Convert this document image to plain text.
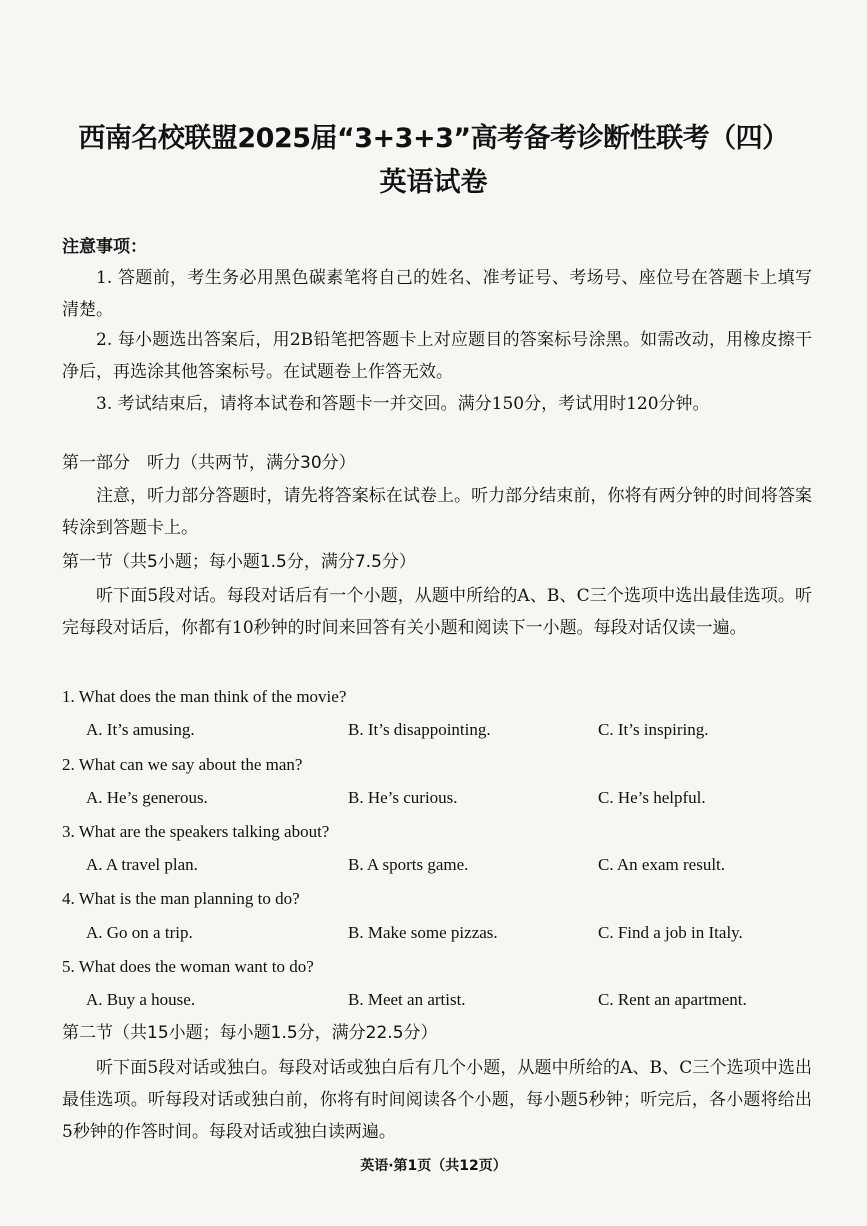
西南名校联盟2025届“3+3+3”高考备考诊断性联考（四）
英语试卷
注意事项：
1. 答题前，考生务必用黑色碳素笔将自己的姓名、准考证号、考场号、座位号在答题卡上填写清楚。
2. 每小题选出答案后，用2B铅笔把答题卡上对应题目的答案标号涂黑。如需改动，用橡皮擦干净后，再选涂其他答案标号。在试题卷上作答无效。
3. 考试结束后，请将本试卷和答题卡一并交回。满分150分，考试用时120分钟。
第一部分　听力（共两节，满分30分）
注意，听力部分答题时，请先将答案标在试卷上。听力部分结束前，你将有两分钟的时间将答案转涂到答题卡上。
第一节（共5小题；每小题1.5分，满分7.5分）
听下面5段对话。每段对话后有一个小题，从题中所给的A、B、C三个选项中选出最佳选项。听完每段对话后，你都有10秒钟的时间来回答有关小题和阅读下一小题。每段对话仅读一遍。
1. What does the man think of the movie?
A. It’s amusing.	B. It’s disappointing.	C. It’s inspiring.
2. What can we say about the man?
A. He’s generous.	B. He’s curious.	C. He’s helpful.
3. What are the speakers talking about?
A. A travel plan.	B. A sports game.	C. An exam result.
4. What is the man planning to do?
A. Go on a trip.	B. Make some pizzas.	C. Find a job in Italy.
5. What does the woman want to do?
A. Buy a house.	B. Meet an artist.	C. Rent an apartment.
第二节（共15小题；每小题1.5分，满分22.5分）
听下面5段对话或独白。每段对话或独白后有几个小题，从题中所给的A、B、C三个选项中选出最佳选项。听每段对话或独白前，你将有时间阅读各个小题，每小题5秒钟；听完后，各小题将给出5秒钟的作答时间。每段对话或独白读两遍。
英语·第1页（共12页）
